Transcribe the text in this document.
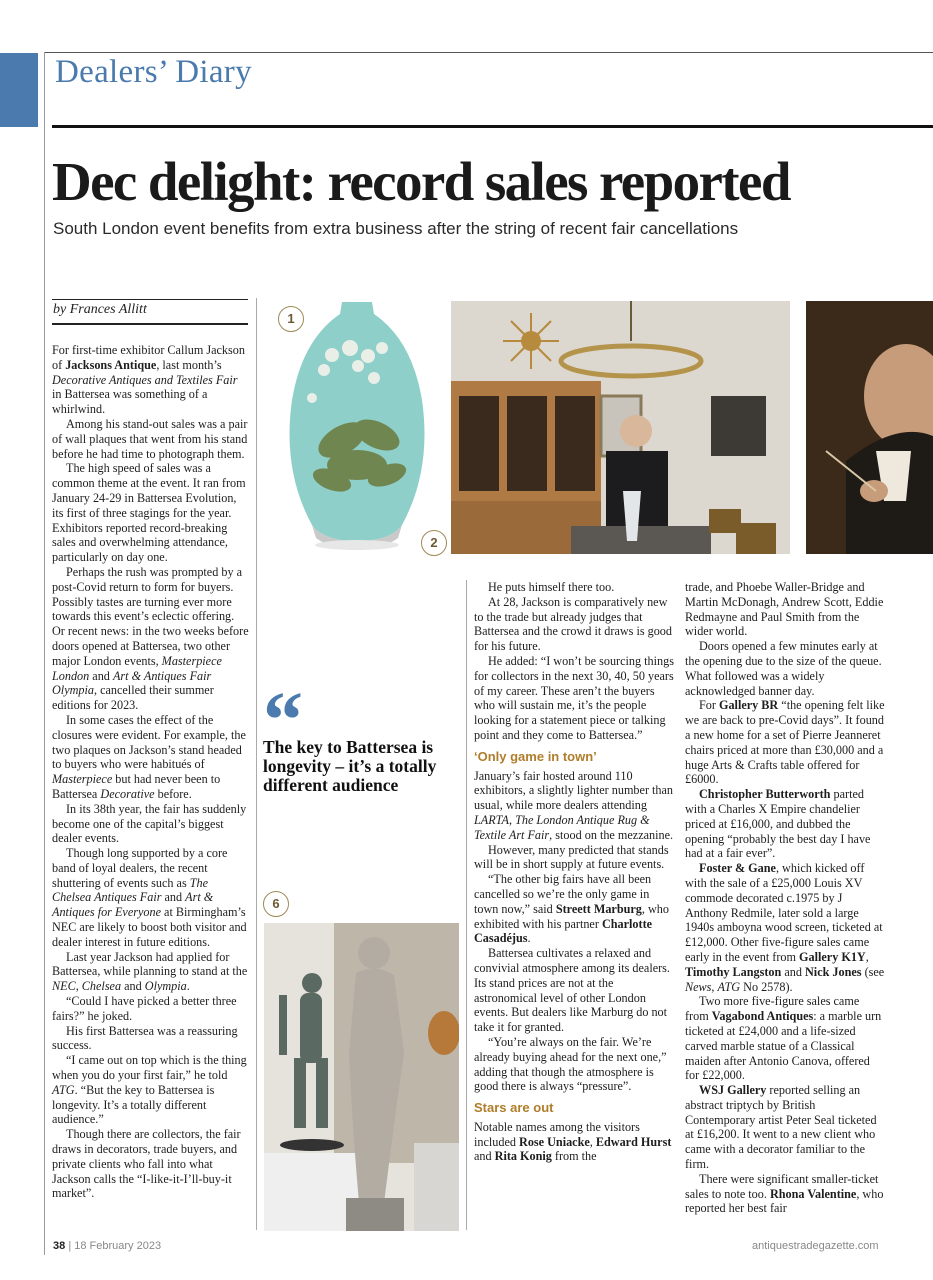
Dealers’ Diary
Dec delight: record sales reported
South London event benefits from extra business after the string of recent fair cancellations
by Frances Allitt

For first-time exhibitor Callum Jackson of Jacksons Antique, last month’s Decorative Antiques and Textiles Fair in Battersea was something of a whirlwind.

Among his stand-out sales was a pair of wall plaques that went from his stand before he had time to photograph them.

The high speed of sales was a common theme at the event. It ran from January 24-29 in Battersea Evolution, its first of three stagings for the year. Exhibitors reported record-breaking sales and overwhelming attendance, particularly on day one.

Perhaps the rush was prompted by a post-Covid return to form for buyers. Possibly tastes are turning ever more towards this event’s eclectic offering. Or recent news: in the two weeks before doors opened at Battersea, two other major London events, Masterpiece London and Art & Antiques Fair Olympia, cancelled their summer editions for 2023.

In some cases the effect of the closures were evident. For example, the two plaques on Jackson’s stand headed to buyers who were habitués of Masterpiece but had never been to Battersea Decorative before.

In its 38th year, the fair has suddenly become one of the capital’s biggest dealer events.

Though long supported by a core band of loyal dealers, the recent shuttering of events such as The Chelsea Antiques Fair and Art & Antiques for Everyone at Birmingham’s NEC are likely to boost both visitor and dealer interest in future editions.

Last year Jackson had applied for Battersea, while planning to stand at the NEC, Chelsea and Olympia.

“Could I have picked a better three fairs?” he joked.

His first Battersea was a reassuring success.

“I came out on top which is the thing when you do your first fair,” he told ATG. “But the key to Battersea is longevity. It’s a totally different audience.”

Though there are collectors, the fair draws in decorators, trade buyers, and private clients who fall into what Jackson calls the “I-like-it-I’ll-buy-it market”.

1
2
6
“
The key to Battersea is longevity – it’s a totally different audience

He puts himself there too.

At 28, Jackson is comparatively new to the trade but already judges that Battersea and the crowd it draws is good for his future.

He added: “I won’t be sourcing things for collectors in the next 30, 40, 50 years of my career. These aren’t the buyers who will sustain me, it’s the people looking for a statement piece or talking point and they come to Battersea.”

‘Only game in town’

January’s fair hosted around 110 exhibitors, a slightly lighter number than usual, while more dealers attending LARTA, The London Antique Rug & Textile Art Fair, stood on the mezzanine.

However, many predicted that stands will be in short supply at future events.

“The other big fairs have all been cancelled so we’re the only game in town now,” said Streett Marburg, who exhibited with his partner Charlotte Casadéjus.

Battersea cultivates a relaxed and convivial atmosphere among its dealers. Its stand prices are not at the astronomical level of other London events. But dealers like Marburg do not take it for granted.

“You’re always on the fair. We’re already buying ahead for the next one,” adding that though the atmosphere is good there is always “pressure”.

Stars are out

Notable names among the visitors included Rose Uniacke, Edward Hurst and Rita Konig from the

trade, and Phoebe Waller-Bridge and Martin McDonagh, Andrew Scott, Eddie Redmayne and Paul Smith from the wider world.

Doors opened a few minutes early at the opening due to the size of the queue. What followed was a widely acknowledged banner day.

For Gallery BR “the opening felt like we are back to pre-Covid days”. It found a new home for a set of Pierre Jeanneret chairs priced at more than £30,000 and a huge Arts & Crafts table offered for £6000.

Christopher Butterworth parted with a Charles X Empire chandelier priced at £16,000, and dubbed the opening “probably the best day I have had at a fair ever”.

Foster & Gane, which kicked off with the sale of a £25,000 Louis XV commode decorated c.1975 by J Anthony Redmile, later sold a large 1940s amboyna wood screen, ticketed at £12,000. Other five-figure sales came early in the event from Gallery K1Y, Timothy Langston and Nick Jones (see News, ATG No 2578).

Two more five-figure sales came from Vagabond Antiques: a marble urn ticketed at £24,000 and a life-sized carved marble statue of a Classical maiden after Antonio Canova, offered for £22,000.

WSJ Gallery reported selling an abstract triptych by British Contemporary artist Peter Seal ticketed at £16,200. It went to a new client who came with a decorator familiar to the firm.

There were significant smaller-ticket sales to note too. Rhona Valentine, who reported her best fair

38 | 18 February 2023	antiquestradegazette.com
